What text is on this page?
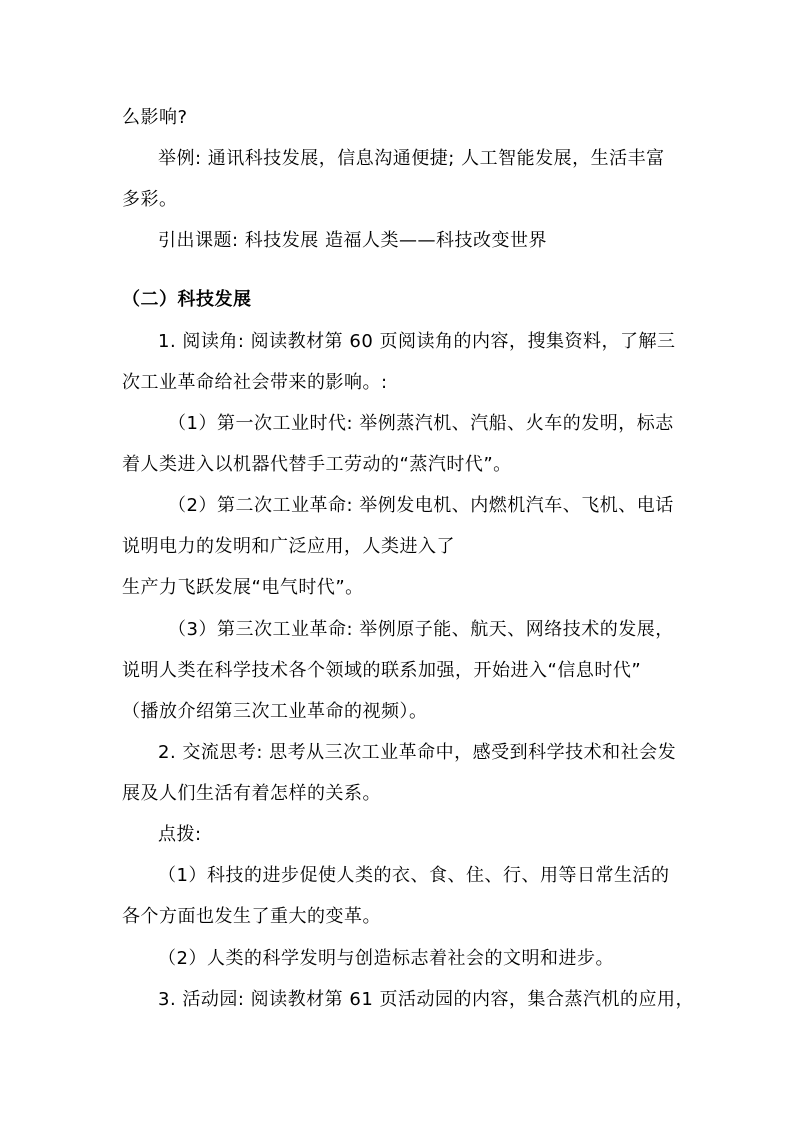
么影响?
举例: 通讯科技发展，信息沟通便捷; 人工智能发展，生活丰富
多彩。
引出课题: 科技发展 造福人类——科技改变世界
（二）科技发展
1. 阅读角: 阅读教材第 60 页阅读角的内容，搜集资料，了解三
次工业革命给社会带来的影响。:
（1）第一次工业时代: 举例蒸汽机、汽船、火车的发明，标志
着人类进入以机器代替手工劳动的“蒸汽时代”。
（2）第二次工业革命: 举例发电机、内燃机汽车、飞机、电话
说明电力的发明和广泛应用，人类进入了
生产力飞跃发展“电气时代”。
（3）第三次工业革命: 举例原子能、航天、网络技术的发展，
说明人类在科学技术各个领域的联系加强，开始进入“信息时代”
（播放介绍第三次工业革命的视频）。
2. 交流思考: 思考从三次工业革命中，感受到科学技术和社会发
展及人们生活有着怎样的关系。
点拨:
（1）科技的进步促使人类的衣、食、住、行、用等日常生活的
各个方面也发生了重大的变革。
（2）人类的科学发明与创造标志着社会的文明和进步。
3. 活动园: 阅读教材第 61 页活动园的内容，集合蒸汽机的应用，
